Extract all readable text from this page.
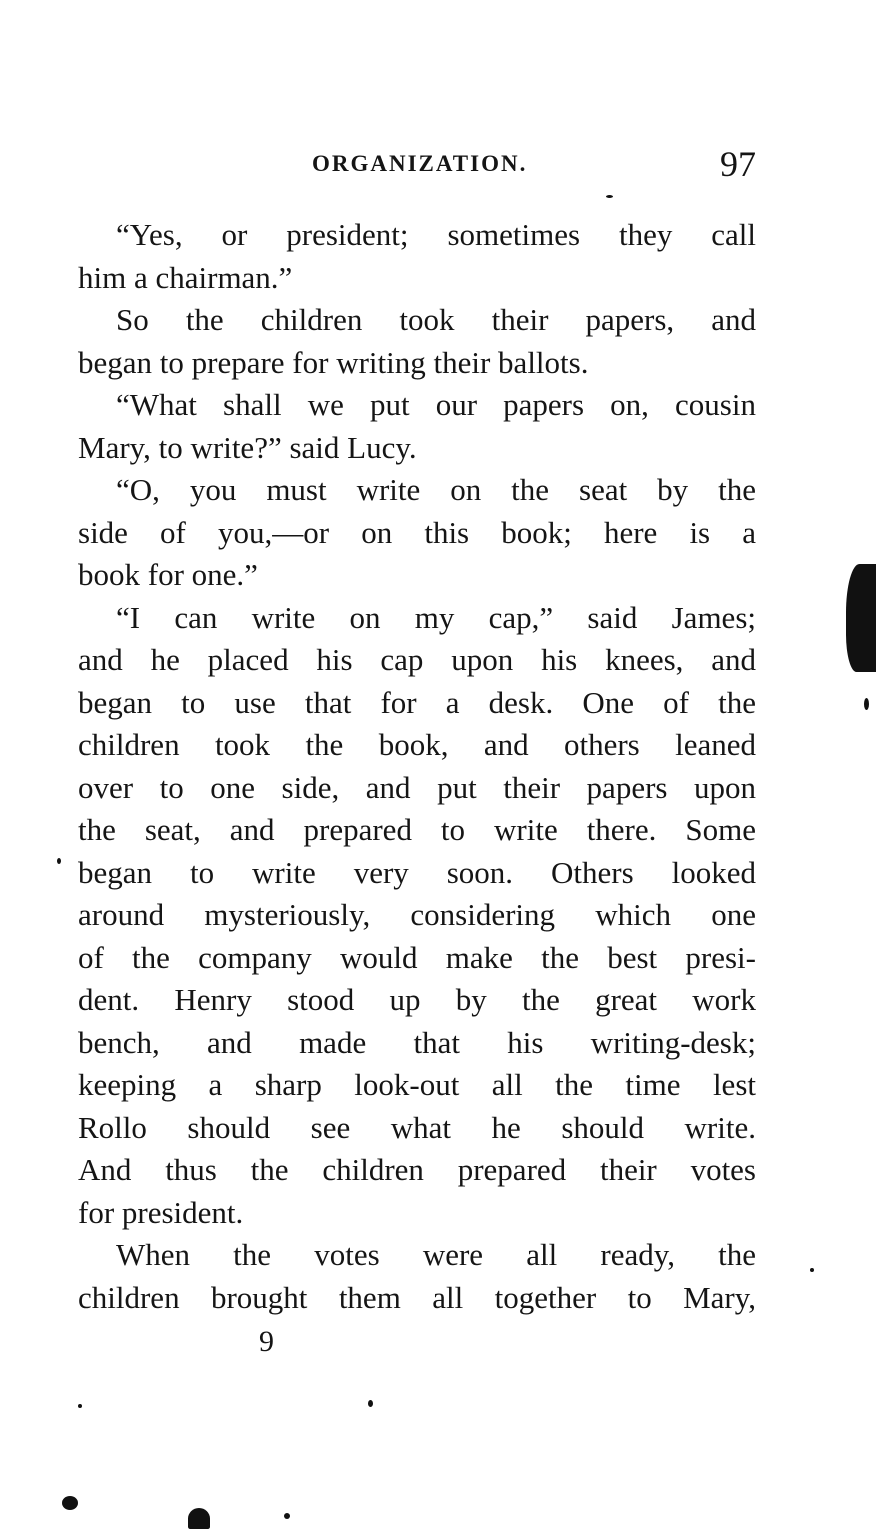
ORGANIZATION.	97
“Yes, or president; sometimes they call
him a chairman.”
So the children took their papers, and
began to prepare for writing their ballots.
“What shall we put our papers on, cousin
Mary, to write?” said Lucy.
“O, you must write on the seat by the
side of you,—or on this book; here is a
book for one.”
“I can write on my cap,” said James;
and he placed his cap upon his knees, and
began to use that for a desk. One of the
children took the book, and others leaned
over to one side, and put their papers upon
the seat, and prepared to write there. Some
began to write very soon. Others looked
around mysteriously, considering which one
of the company would make the best presi-
dent. Henry stood up by the great work
bench, and made that his writing-desk;
keeping a sharp look-out all the time lest
Rollo should see what he should write.
And thus the children prepared their votes
for president.
When the votes were all ready, the
children brought them all together to Mary,
9
